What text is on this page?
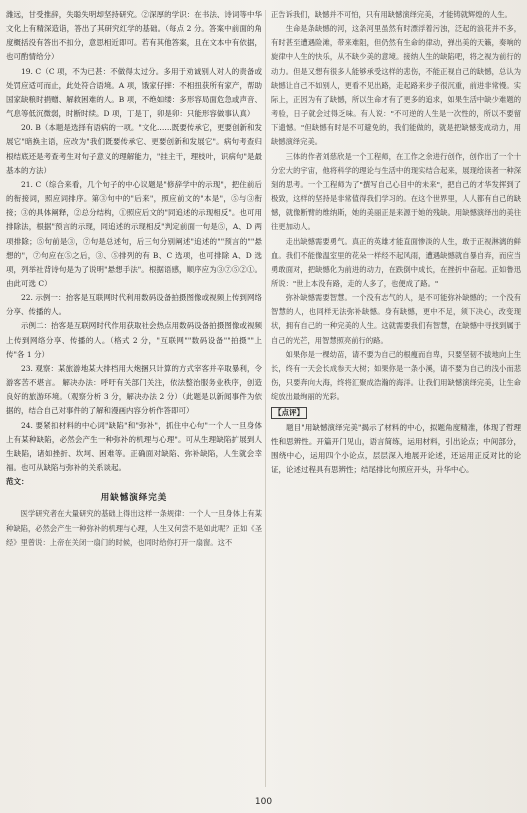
潍远，甘受推辞，失聪失明却坚持研究。②深厚的学识：在书法、诗词等中华文化上有精深造诣，答出了其研究红学的基础。（每点 2 分。答案中前面的角度概括没有答出不扣分，意思相近即可。若有其他答案，且在文本中有依据，也可酌情给分）

19. C（C 项，不为已甚：不做得太过分。多用于劝诚别人对人的责备或处罚应适可而止，此处符合语境。A 项，饿家仔摔：不相扭获所有家产，帮助国家缺粮时捐赠、解救困难的人。B 项，不绝如缕：多形容局面危急或声音、气息等低沉微弱，时断时续。D 项，丁是丁，卯是卯：只能形容做事认真）

20. B（本题是选择有语病的一项。"文化……既要传承它，更要创新和发展它"暗换主语，应改为"我们既要传承它、更要创新和发展它"。病句考查归根结底还是考查考生对句子意义的理解能力，"挂主干，理枝叶，识病句"是最基本的方法）

21. C（综合来看，几个句子的中心议题是"修辞学中的示现"，把住前后的衔接词，照应词排序。第③句中的"后来"，照应前文的"本是"，⑤与③衔接；③的具体阐释，②总分结构，①照应后文的"同追述的示现相反"。也可用排除法，根据"预言的示现，同追述的示现相反"判定前面一句是⑤，A、D 两项排除；⑤句前是③，⑦句是总述句，后三句分别阐述"追述的""预言的""悬想的"，⑦句应在⑤之后，③、⑤排列的有 B、C 选项，也可排除 A、D 选项，列举社背诗句是为了说明"悬想手法"。根据语感，顺序应为③⑦⑤②①。由此可选 C）

22. 示例一：抬客是互联网时代利用数码设备拍摄图像或视频上传到网络分享、传播的人。

示例二：抬客是互联网时代作用获取社会热点用数码设备拍摄图像或视频上传到网络分享、传播的人。（格式 2 分，"互联网""数码设备""拍摄""上传"各 1 分）

23. 观察：某旅游地某大排档用大炮捆只计算的方式宰客并辛取暴利，令游客苦不堪言。 解决办法：呼吁有关部门关注，依法整治服务业秩序，创造良好的旅游环境。（观察分析 3 分，解决办法 2 分）（此题是以新闻事件为依据的，结合自己对事件的了解和漫画内容分析作答即可）

24. 要紧扣材料的中心词"缺陷"和"弥补"，抓住中心句"一个人一旦身体上有某种缺陷，必然会产生一种弥补的机理与心理"。可从生理缺陷扩展到人生缺陷，诸如挫折、坎坷、困难等。正确面对缺陷、弥补缺陷，人生就会幸福。也可从缺陷与弥补的关系谈起。

范文：

用缺憾演绎完美

医学研究者在大量研究的基础上得出这样一条规律：一个人一旦身体上有某种缺陷，必然会产生一种弥补的机理与心理，人生又何尝不是如此呢？正如《圣经》里曾说：上帝在关闭一扇门的时候，也同时给你打开一扇窗。这不

正告诉我们，缺憾并不可怕，只有用缺憾演绎完美，才能铸就辉煌的人生。

生命是条缺憾的河，这条河里虽然有时漂浮着污浊，泛起的浪花并不多，有时甚至遭遇险滩，带来难阻，但仍然有生命的律动，弹出美的天籁，奏响的旋律中人生的快乐，从不缺少美的意境。接纳人生的缺陷吧，将之视为前行的动力。但是又想有很多人能够承受这样的悲伤，不能正视自己的缺憾，总认为缺憾让自己不如别人，更看不见出路，走起路来步子很沉重，前进非常慢。实际上，正因为有了缺憾，所以生命才有了更多的追求，如果生活中缺少难题的考验，日子就会过得乏味。有人说："不可逆的人生是一次性的，所以不要留下遗憾。"但缺憾有时是不可避免的，我们能做的，就是把缺憾变成动力，用缺憾演绎完美。

三体的作者刘慈欣是一个工程师，在工作之余进行创作，创作出了一个十分宏大的宇宙，他将科学的理论与生活中的现实结合起来，展现给读者一种深刻的思考。一个工程师为了"撰写自己心目中的未来"，把自己的才华发挥到了极致，这样的坚持是非常值得我们学习的。在这个世界里，人人都有自己的缺憾，就像断臂的维纳斯，她的美丽正是来源于她的残缺。用缺憾演绎出的美往往更加动人。

走出缺憾需要勇气。真正的英雄才能直面惨淡的人生，敢于正视淋漓的鲜血。我们不能像温室里的花朵一样经不起风雨，遭遇缺憾就自暴自弃，而应当勇敢面对，把缺憾化为前进的动力，在跌倒中成长，在挫折中奋起。正如鲁迅所说："世上本没有路，走的人多了，也便成了路。"

弥补缺憾需要智慧。一个没有志气的人，是不可能弥补缺憾的；一个没有智慧的人，也同样无法弥补缺憾。身有缺憾，更中不足，须下决心，改变现状，拥有自己的一种完美的人生。这就需要我们有智慧，在缺憾中寻找到属于自己的光芒，用智慧照亮前行的路。

如果你是一棵幼苗，请不要为自己的根瘦而自卑，只要坚韧不拔地向上生长，终有一天会长成参天大树；如果你是一条小溪，请不要为自己的浅小而悲伤，只要奔向大海，终将汇聚成浩瀚的海洋。让我们用缺憾演绎完美，让生命绽放出最绚丽的光彩。

【点评】

题目"用缺憾演绎完美"揭示了材料的中心，拟题角度精准，体现了哲理性和思辨性。开篇开门见山，语言简练，运用材料，引出论点；中间部分，围绕中心，运用四个小论点，层层深入地展开论述，还运用正反对比的论证，论述过程具有思辨性；结尾排比句照应开头，升华中心。

100
